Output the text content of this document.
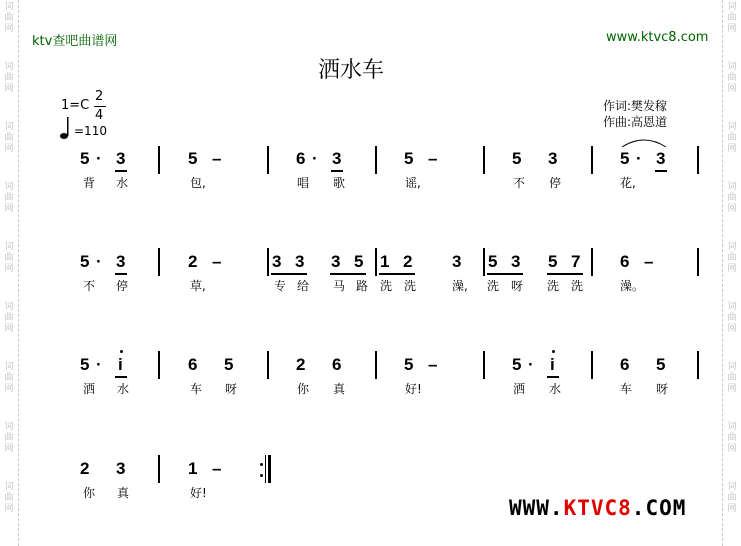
词曲网
词曲网
词曲网
词曲网
词曲网
词曲网
词曲网
词曲网
词曲网
词曲网
词曲网
词曲网
词曲网
词曲网
词曲网
词曲网
词曲网
词曲网
ktv查吧曲谱网	www.ktvc8.com
洒水车
1=C
2
4
=110
作词:樊发稼
作曲:高恩道
5 · 3	5 –	6 · 3	5 –	5 3	5 · 3
背 水	包,	唱 歌	谣,	不 停	花,
5 · 3	2 –	3 3 3 5 1 2 3 5 3 5 7 6 –
不 停	草,	专 给 马 路 洗 洗	澡, 洗 呀 洗 洗	澡。
5 · i	6 5	2 6	5 –	5 · i	6 5
洒 水	车 呀	你 真	好!	洒 水	车 呀
2 3	1 –
你 真	好!
WWW.KTVC8.COM
